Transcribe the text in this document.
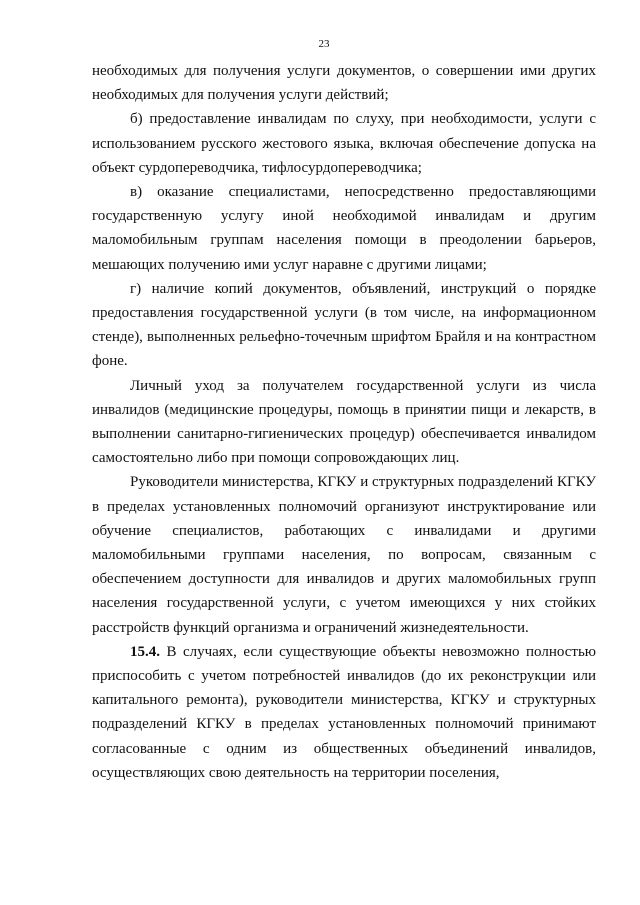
23

необходимых для получения услуги документов, о совершении ими других необходимых для получения услуги действий;

б) предоставление инвалидам по слуху, при необходимости, услуги с использованием русского жестового языка, включая обеспечение допуска на объект сурдопереводчика, тифлосурдопереводчика;

в) оказание специалистами, непосредственно предоставляющими государственную услугу иной необходимой инвалидам и другим маломобильным группам населения помощи в преодолении барьеров, мешающих получению ими услуг наравне с другими лицами;

г) наличие копий документов, объявлений, инструкций о порядке предоставления государственной услуги (в том числе, на информационном стенде), выполненных рельефно-точечным шрифтом Брайля и на контрастном фоне.

Личный уход за получателем государственной услуги из числа инвалидов (медицинские процедуры, помощь в принятии пищи и лекарств, в выполнении санитарно-гигиенических процедур) обеспечивается инвалидом самостоятельно либо при помощи сопровождающих лиц.

Руководители министерства, КГКУ и структурных подразделений КГКУ в пределах установленных полномочий организуют инструктирование или обучение специалистов, работающих с инвалидами и другими маломобильными группами населения, по вопросам, связанным с обеспечением доступности для инвалидов и других маломобильных групп населения государственной услуги, с учетом имеющихся у них стойких расстройств функций организма и ограничений жизнедеятельности.

15.4. В случаях, если существующие объекты невозможно полностью приспособить с учетом потребностей инвалидов (до их реконструкции или капитального ремонта), руководители министерства, КГКУ и структурных подразделений КГКУ в пределах установленных полномочий принимают согласованные с одним из общественных объединений инвалидов, осуществляющих свою деятельность на территории поселения,
